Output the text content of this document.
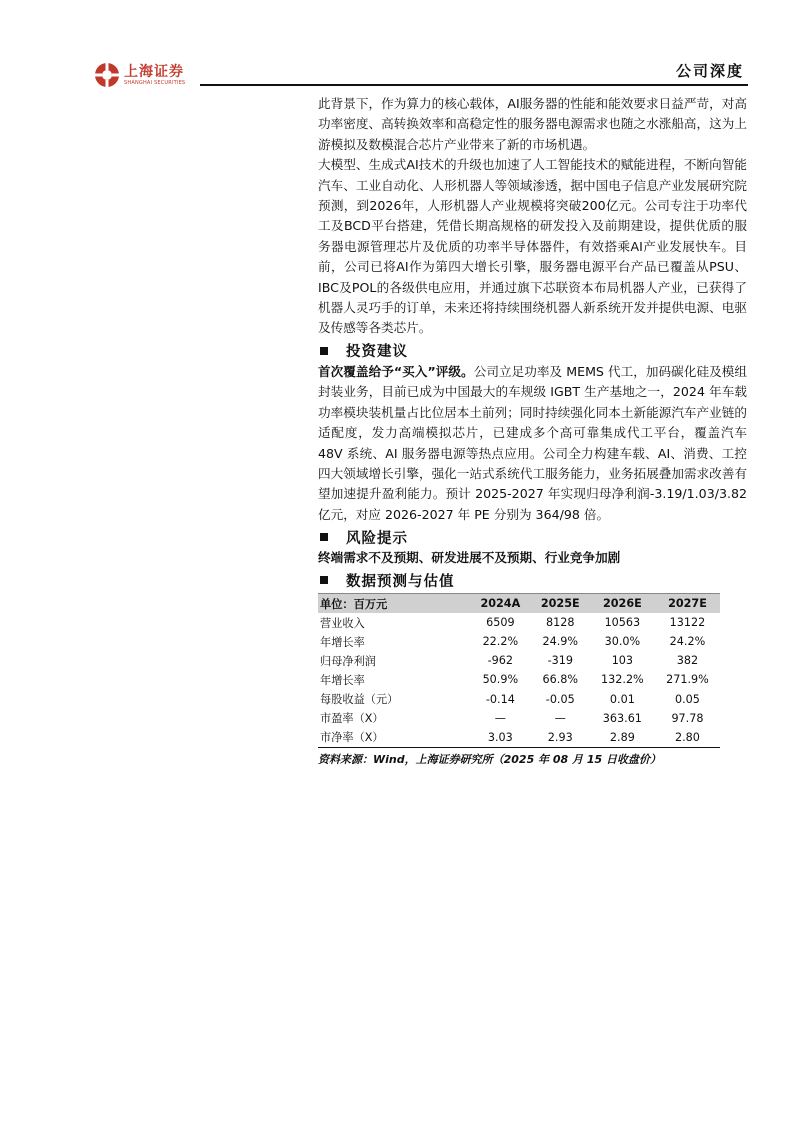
上海证券
SHANGHAI SECURITIES
公司深度

此背景下，作为算力的核心载体，AI服务器的性能和能效要求日益严苛，对高功率密度、高转换效率和高稳定性的服务器电源需求也随之水涨船高，这为上游模拟及数模混合芯片产业带来了新的市场机遇。

大模型、生成式AI技术的升级也加速了人工智能技术的赋能进程，不断向智能汽车、工业自动化、人形机器人等领域渗透，据中国电子信息产业发展研究院预测，到2026年，人形机器人产业规模将突破200亿元。公司专注于功率代工及BCD平台搭建，凭借长期高规格的研发投入及前期建设，提供优质的服务器电源管理芯片及优质的功率半导体器件，有效搭乘AI产业发展快车。目前，公司已将AI作为第四大增长引擎，服务器电源平台产品已覆盖从PSU、IBC及POL的各级供电应用，并通过旗下芯联资本布局机器人产业，已获得了机器人灵巧手的订单，未来还将持续围绕机器人新系统开发并提供电源、电驱及传感等各类芯片。

投资建议

首次覆盖给予“买入”评级。公司立足功率及 MEMS 代工，加码碳化硅及模组封装业务，目前已成为中国最大的车规级 IGBT 生产基地之一，2024 年车载功率模块装机量占比位居本土前列；同时持续强化同本土新能源汽车产业链的适配度，发力高端模拟芯片，已建成多个高可靠集成代工平台，覆盖汽车 48V 系统、AI 服务器电源等热点应用。公司全力构建车载、AI、消费、工控四大领域增长引擎，强化一站式系统代工服务能力，业务拓展叠加需求改善有望加速提升盈利能力。预计 2025-2027 年实现归母净利润-3.19/1.03/3.82 亿元，对应 2026-2027 年 PE 分别为 364/98 倍。

风险提示

终端需求不及预期、研发进展不及预期、行业竞争加剧

数据预测与估值
单位：百万元	2024A	2025E	2026E	2027E
营业收入	6509	8128	10563	13122
年增长率	22.2%	24.9%	30.0%	24.2%
归母净利润	-962	-319	103	382
年增长率	50.9%	66.8%	132.2%	271.9%
每股收益（元）	-0.14	-0.05	0.01	0.05
市盈率（X）	—	—	363.61	97.78
市净率（X）	3.03	2.93	2.89	2.80
资料来源：Wind，上海证券研究所（2025 年 08 月 15 日收盘价）
